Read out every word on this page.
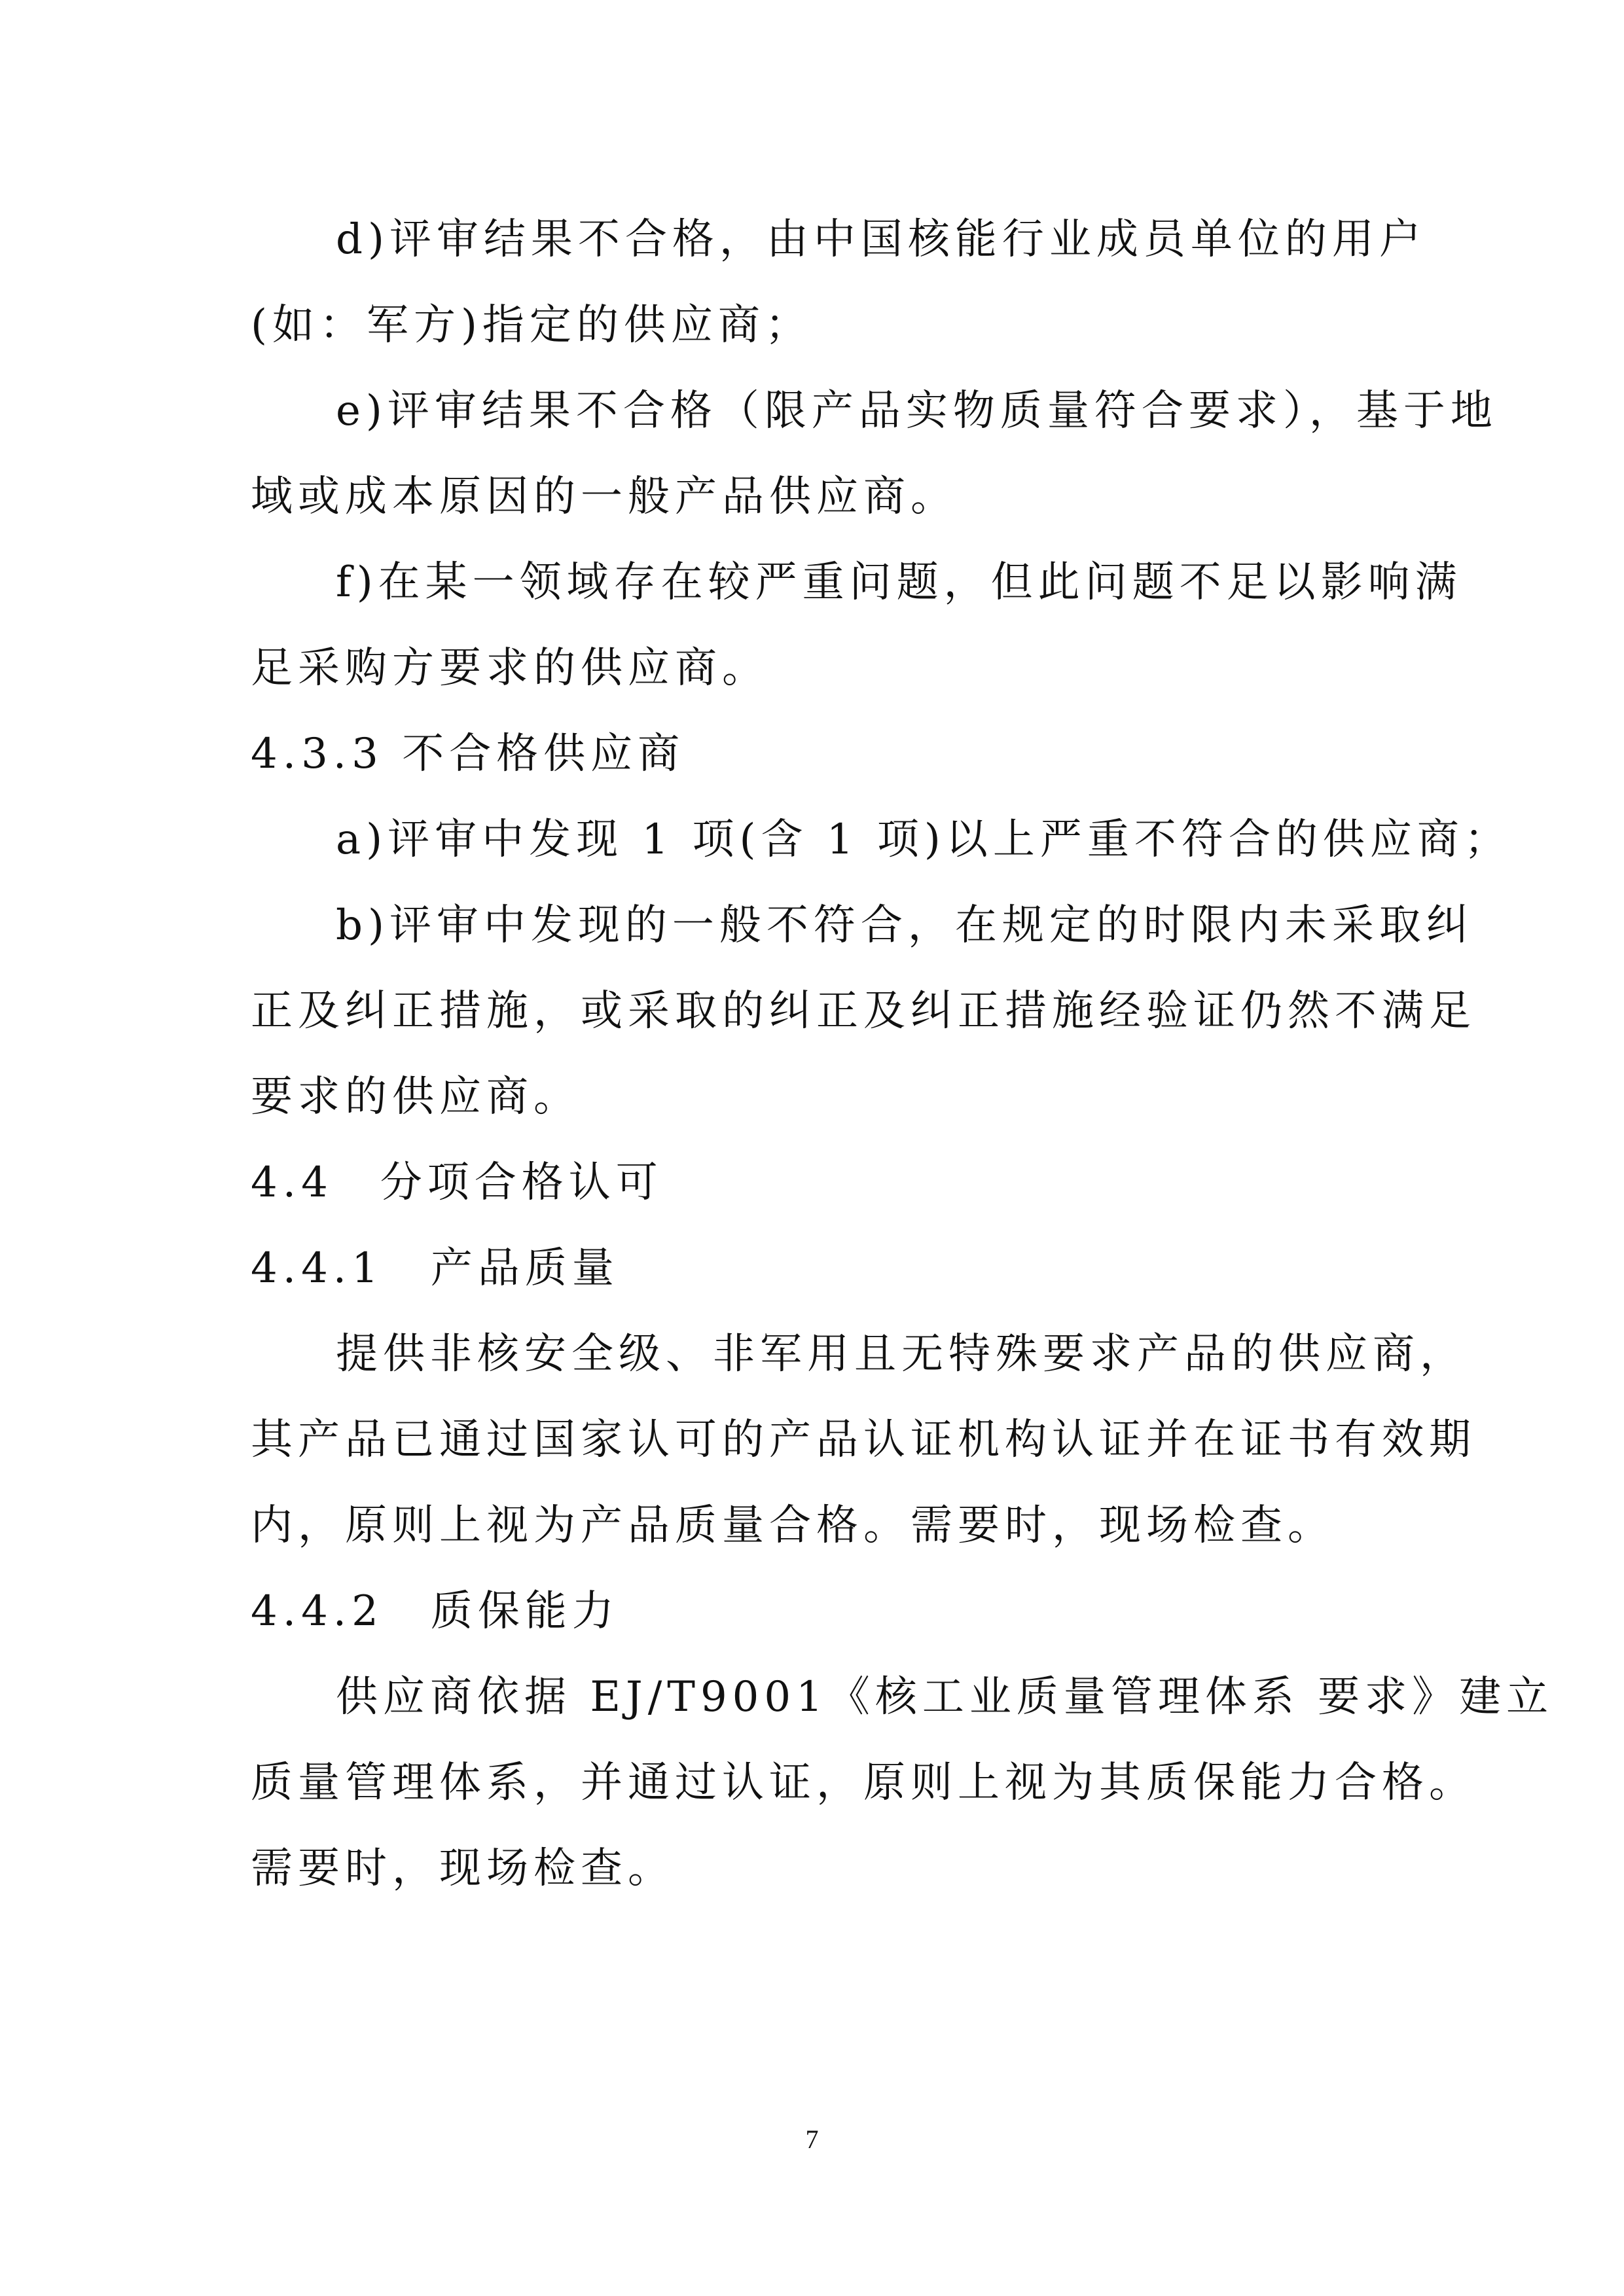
d)评审结果不合格，由中国核能行业成员单位的用户
(如：军方)指定的供应商；
e)评审结果不合格（限产品实物质量符合要求），基于地
域或成本原因的一般产品供应商。
f)在某一领域存在较严重问题，但此问题不足以影响满
足采购方要求的供应商。
4.3.3 不合格供应商
a)评审中发现 1 项(含 1 项)以上严重不符合的供应商；
b)评审中发现的一般不符合，在规定的时限内未采取纠
正及纠正措施，或采取的纠正及纠正措施经验证仍然不满足
要求的供应商。
4.4　分项合格认可
4.4.1　产品质量
提供非核安全级、非军用且无特殊要求产品的供应商，
其产品已通过国家认可的产品认证机构认证并在证书有效期
内，原则上视为产品质量合格。需要时，现场检查。
4.4.2　质保能力
供应商依据 EJ/T9001《核工业质量管理体系 要求》建立
质量管理体系，并通过认证，原则上视为其质保能力合格。
需要时，现场检查。
7
